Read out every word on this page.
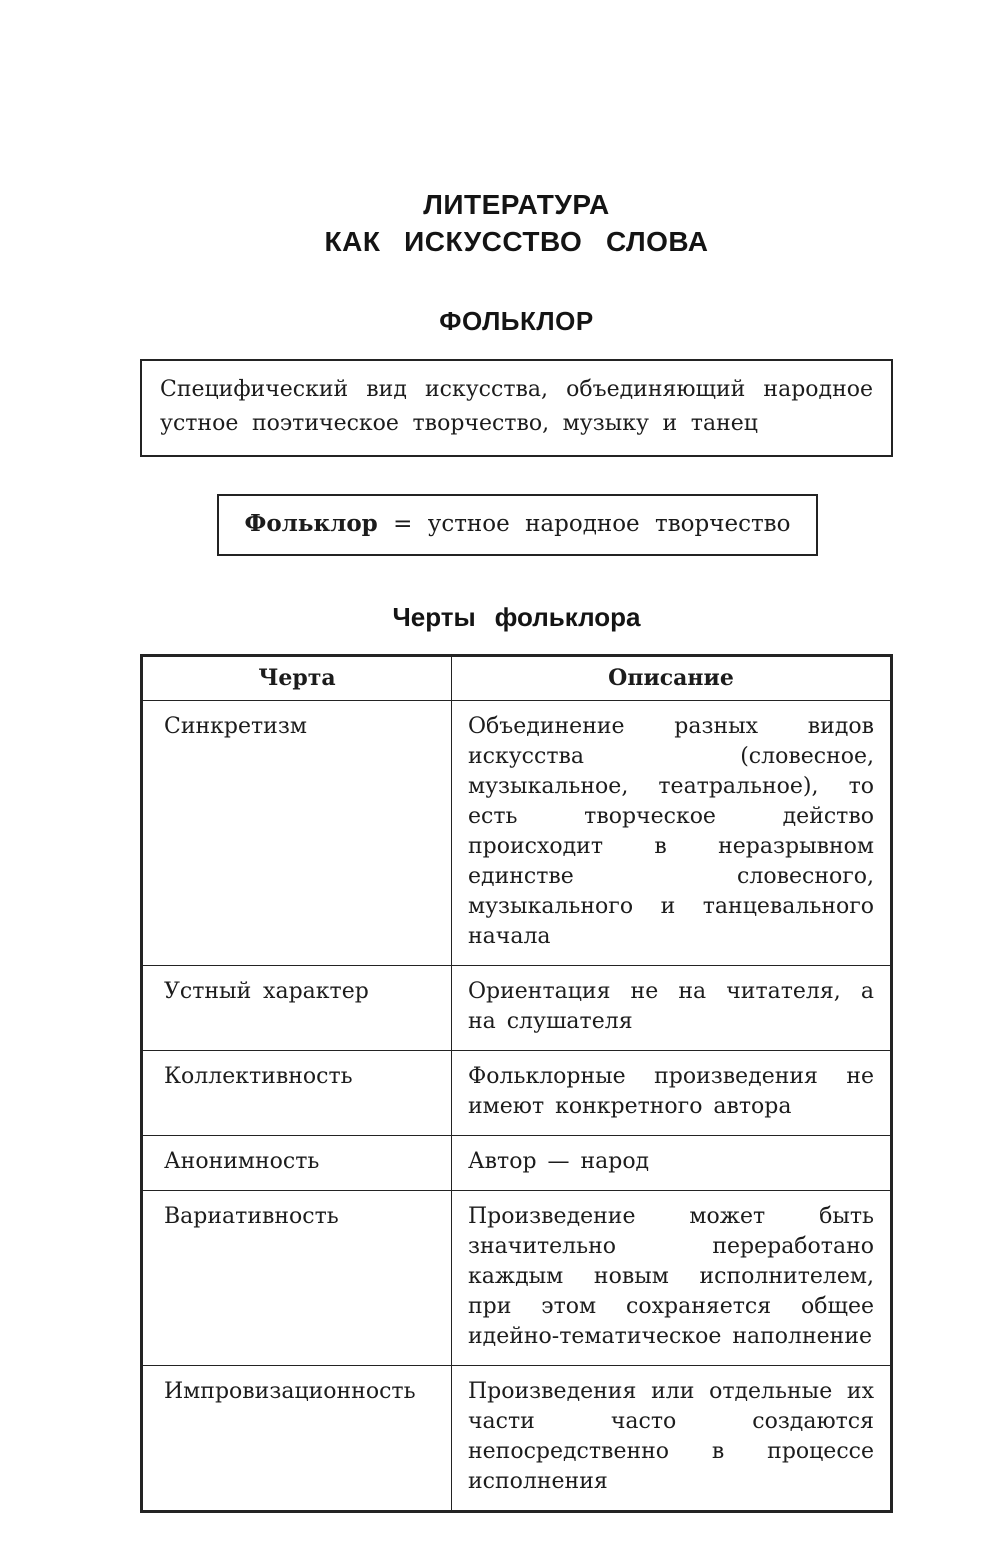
ЛИТЕРАТУРА
КАК ИСКУССТВО СЛОВА
ФОЛЬКЛОР

Специфический вид искусства, объединяющий народное устное поэтическое творчество, музыку и танец

Фольклор = устное народное творчество
Черты фольклора
Черта	Описание
Синкретизм	Объединение разных видов искусства (словесное, музыкальное, театральное), то есть творческое действо происходит в неразрывном единстве словесного, музыкального и танцевального начала
Устный характер	Ориентация не на читателя, а на слушателя
Коллективность	Фольклорные произведения не имеют конкретного автора
Анонимность	Автор — народ
Вариативность	Произведение может быть значительно переработано каждым новым исполнителем, при этом сохраняется общее идейно-тематическое наполнение
Импровизационность	Произведения или отдельные их части часто создаются непосредственно в процессе исполнения
